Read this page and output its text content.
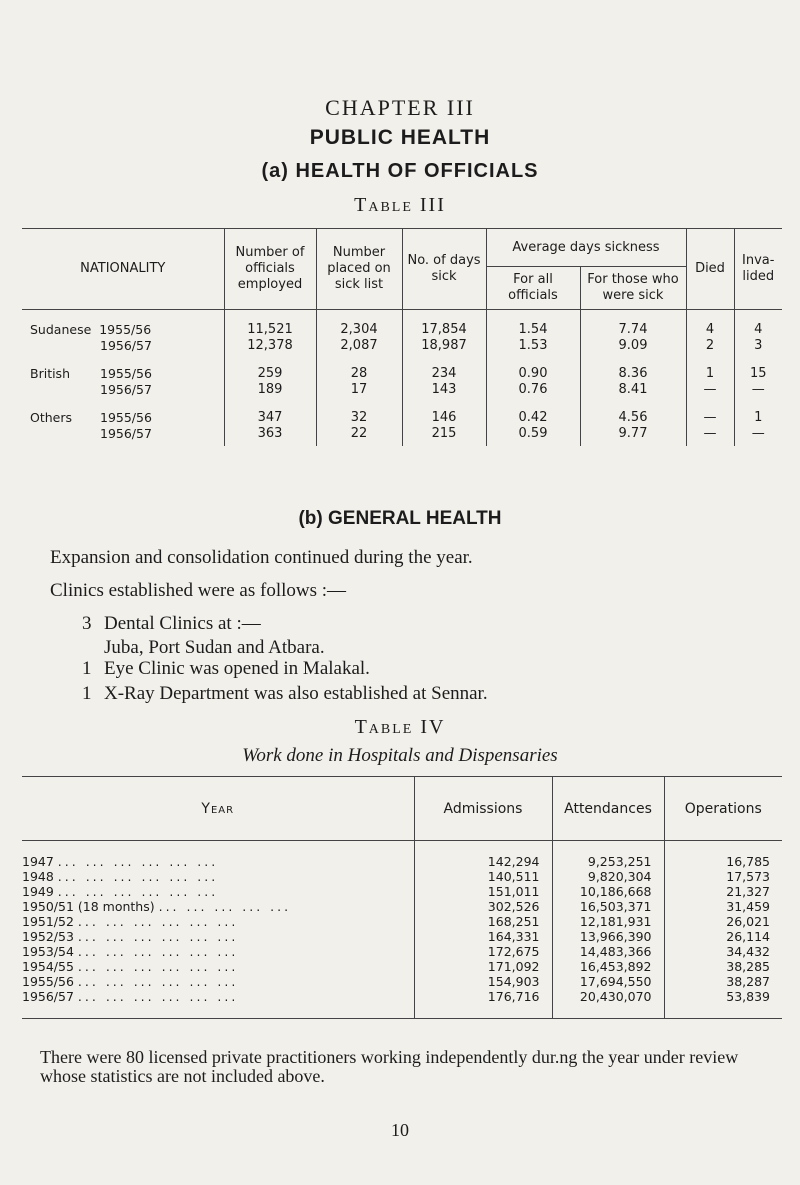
CHAPTER III
PUBLIC HEALTH
(a) HEALTH OF OFFICIALS
Table III
NATIONALITY	Number of officials employed	Number placed on sick list	No. of days sick	Average days sickness		Died	Inva- lided
				For all officials	For those who were sick		
Sudanese 1955/56	11,521	2,304	17,854	1.54	7.74	4	4
1956/57	12,378	2,087	18,987	1.53	9.09	2	3
British 1955/56	259	28	234	0.90	8.36	1	15
1956/57	189	17	143	0.76	8.41	—	—
Others 1955/56	347	32	146	0.42	4.56	—	1
1956/57	363	22	215	0.59	9.77	—	—
(b) GENERAL HEALTH
Expansion and consolidation continued during the year.
Clinics established were as follows :—
3 Dental Clinics at :—
Juba, Port Sudan and Atbara.
1 Eye Clinic was opened in Malakal.
1 X-Ray Department was also established at Sennar.
Table IV
Work done in Hospitals and Dispensaries
Year	Admissions	Attendances	Operations
1947 ... ... ... ... ... ...	142,294	9,253,251	16,785
1948 ... ... ... ... ... ...	140,511	9,820,304	17,573
1949 ... ... ... ... ... ...	151,011	10,186,668	21,327
1950/51 (18 months) ... ... ... ... ...	302,526	16,503,371	31,459
1951/52 ... ... ... ... ... ...	168,251	12,181,931	26,021
1952/53 ... ... ... ... ... ...	164,331	13,966,390	26,114
1953/54 ... ... ... ... ... ...	172,675	14,483,366	34,432
1954/55 ... ... ... ... ... ...	171,092	16,453,892	38,285
1955/56 ... ... ... ... ... ...	154,903	17,694,550	38,287
1956/57 ... ... ... ... ... ...	176,716	20,430,070	53,839
There were 80 licensed private practitioners working independently dur.ng the year under review whose statistics are not included above.
10
